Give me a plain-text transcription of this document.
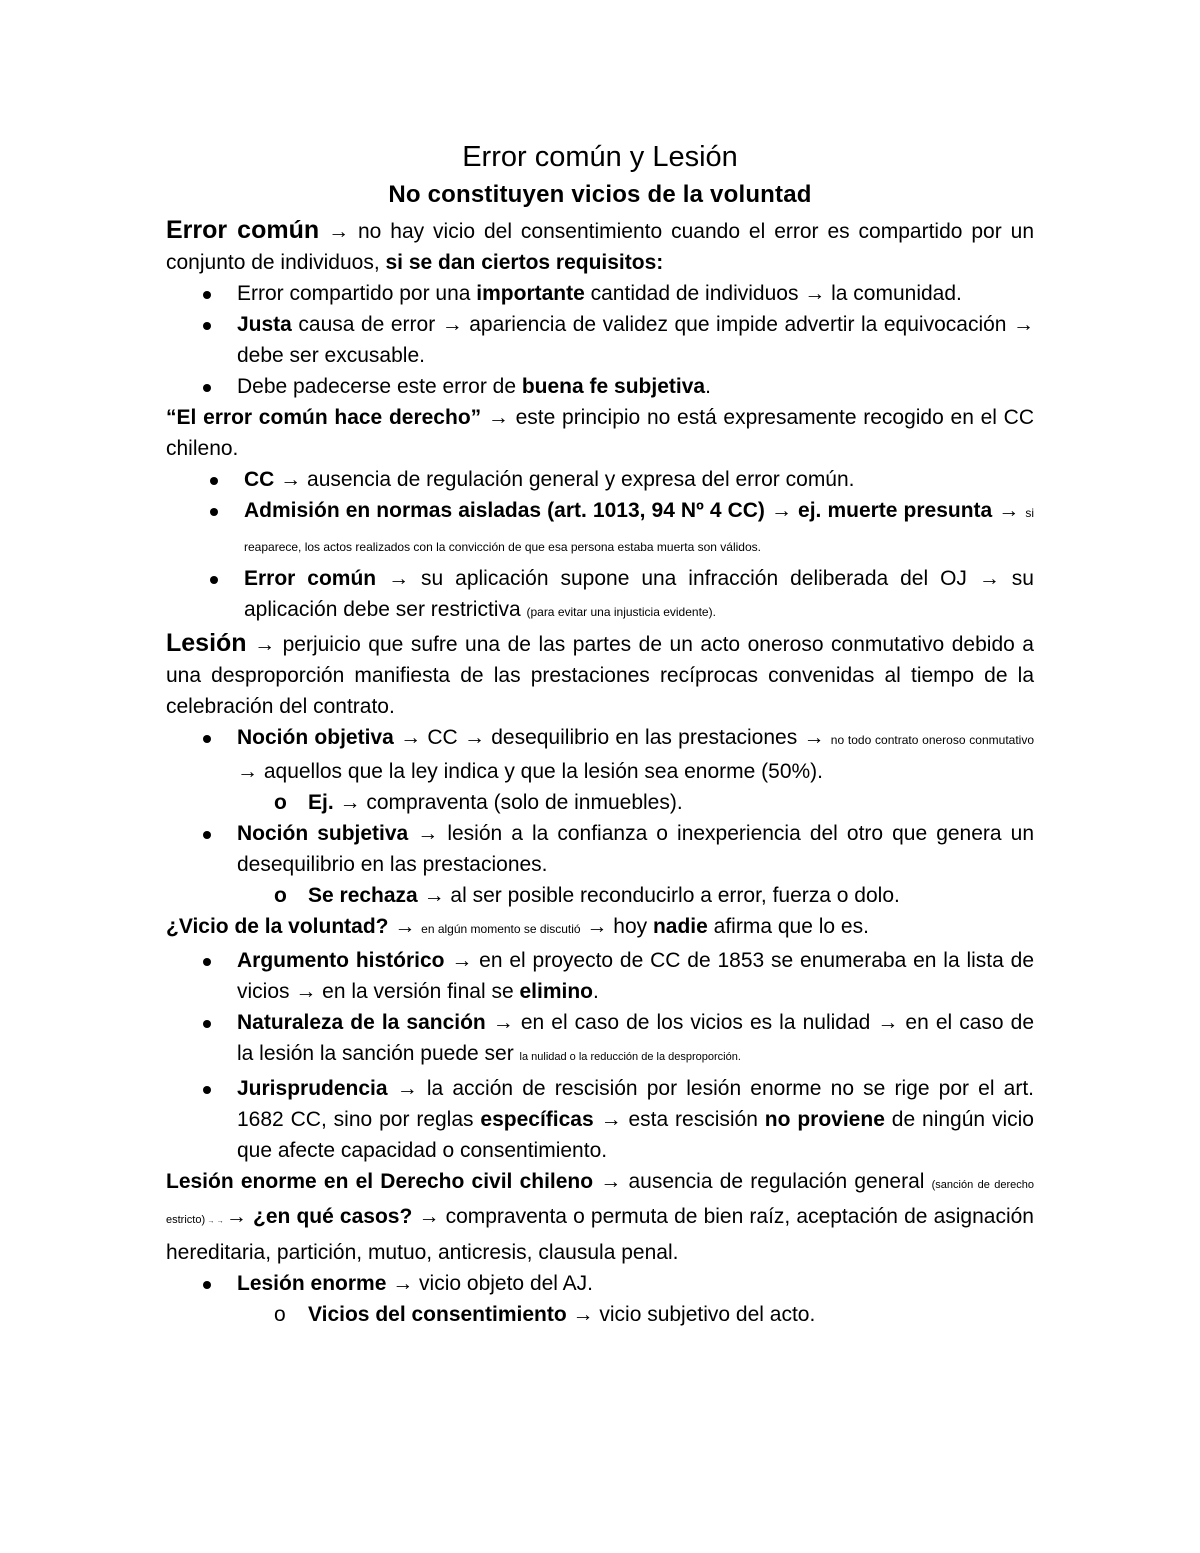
Error común y Lesión
No constituyen vicios de la voluntad

Error común → no hay vicio del consentimiento cuando el error es compartido por un conjunto de individuos, si se dan ciertos requisitos:

Error compartido por una importante cantidad de individuos → la comunidad.
Justa causa de error → apariencia de validez que impide advertir la equivocación → debe ser excusable.
Debe padecerse este error de buena fe subjetiva.

“El error común hace derecho” → este principio no está expresamente recogido en el CC chileno.

CC → ausencia de regulación general y expresa del error común.
Admisión en normas aisladas (art. 1013, 94 Nº 4 CC) → ej. muerte presunta → si reaparece, los actos realizados con la convicción de que esa persona estaba muerta son válidos.
Error común → su aplicación supone una infracción deliberada del OJ → su aplicación debe ser restrictiva (para evitar una injusticia evidente).

Lesión → perjuicio que sufre una de las partes de un acto oneroso conmutativo debido a una desproporción manifiesta de las prestaciones recíprocas convenidas al tiempo de la celebración del contrato.

Noción objetiva → CC → desequilibrio en las prestaciones → no todo contrato oneroso conmutativo → aquellos que la ley indica y que la lesión sea enorme (50%).
o Ej. → compraventa (solo de inmuebles).
Noción subjetiva → lesión a la confianza o inexperiencia del otro que genera un desequilibrio en las prestaciones.
o Se rechaza → al ser posible reconducirlo a error, fuerza o dolo.

¿Vicio de la voluntad? → en algún momento se discutió → hoy nadie afirma que lo es.

Argumento histórico → en el proyecto de CC de 1853 se enumeraba en la lista de vicios → en la versión final se elimino.
Naturaleza de la sanción → en el caso de los vicios es la nulidad → en el caso de la lesión la sanción puede ser la nulidad o la reducción de la desproporción.
Jurisprudencia → la acción de rescisión por lesión enorme no se rige por el art. 1682 CC, sino por reglas específicas → esta rescisión no proviene de ningún vicio que afecte capacidad o consentimiento.

Lesión enorme en el Derecho civil chileno → ausencia de regulación general (sanción de derecho estricto) → → → ¿en qué casos? → compraventa o permuta de bien raíz, aceptación de asignación hereditaria, partición, mutuo, anticresis, clausula penal.

Lesión enorme → vicio objeto del AJ.
o Vicios del consentimiento → vicio subjetivo del acto.
